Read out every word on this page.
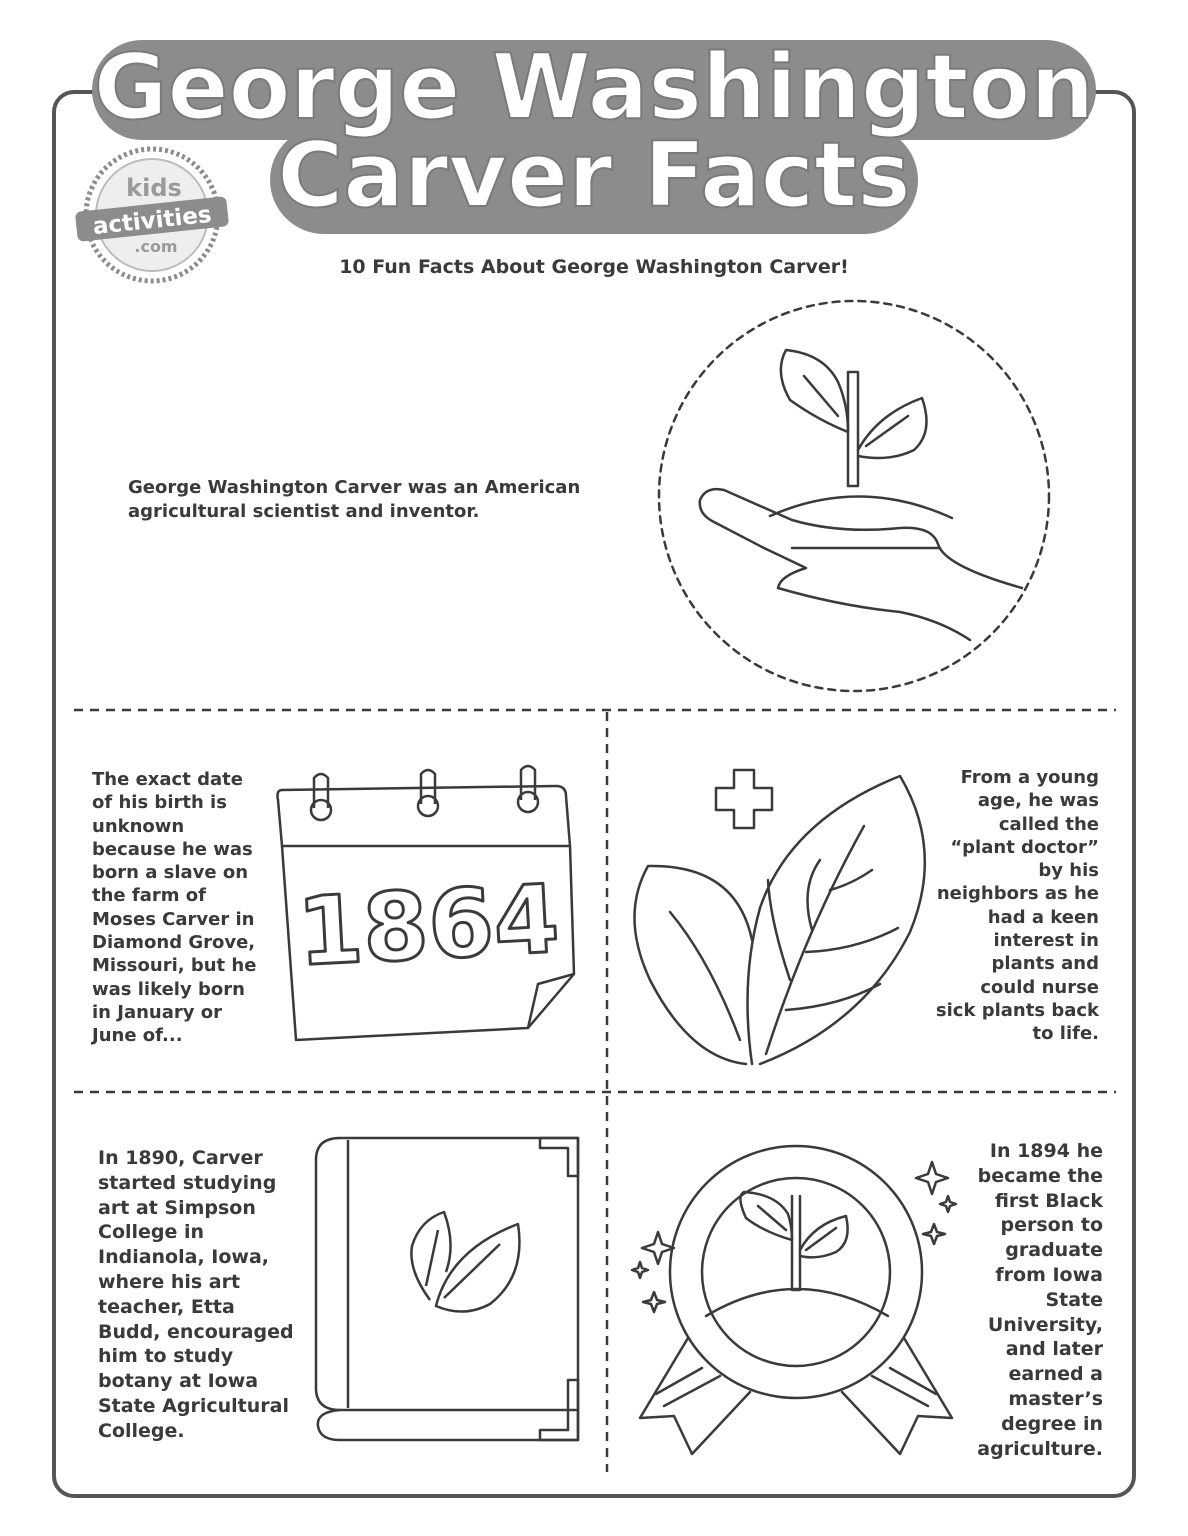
George Washington
Carver Facts
kids
activities
.com
10 Fun Facts About George Washington Carver!
1864
George Washington Carver was an American agricultural scientist and inventor.
The exact date of his birth is unknown because he was born a slave on the farm of Moses Carver in Diamond Grove, Missouri, but he was likely born in January or June of...
From a young age, he was called the “plant doctor” by his neighbors as he had a keen interest in plants and could nurse sick plants back to life.
In 1890, Carver started studying art at Simpson College in Indianola, Iowa, where his art teacher, Etta Budd, encouraged him to study botany at Iowa State Agricultural College.
In 1894 he became the first Black person to graduate from Iowa State University, and later earned a master’s degree in agriculture.
